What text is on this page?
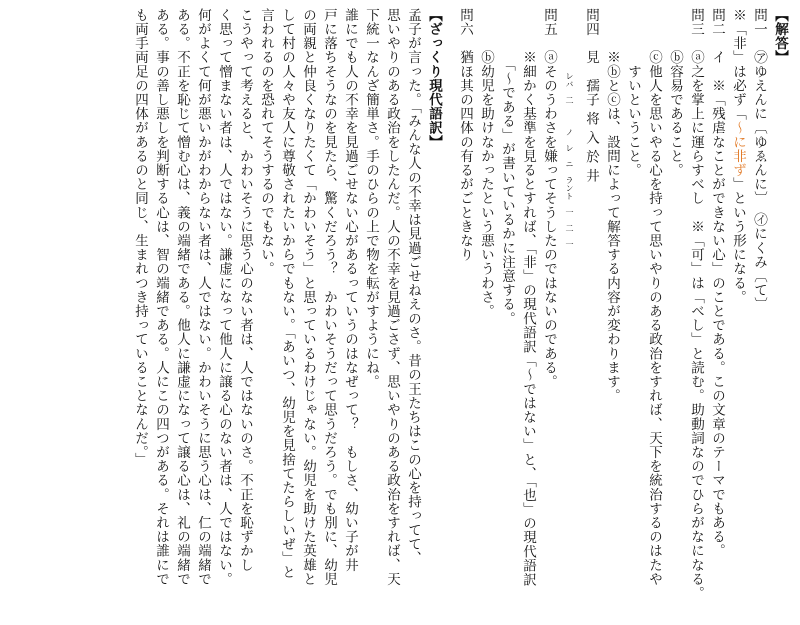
【解答】
問一　㋐ゆえんに〔ゆゑんに〕　㋑にくみ〔て〕
※「非」は必ず「〜に非ず」という形になる。
問二　イ　※「残虐なことができない心」のことである。この文章のテーマでもある。
問三　ⓐ之を掌上に運らすべし　※「可」は「べし」と読む。助動詞なのでひらがなになる。
　　　ⓑ容易であること。
　　　ⓒ他人を思いやる心を持って思いやりのある政治をすれば、天下を統治するのはたや
　　　　すいということ。
　　　※ⓑとⓒは、設問によって解答する内容が変わります。
問四　見　孺子 将 入 於 井
　　　　　　　　レバ　二　　　ノ　レ　ニ　ラント　一　二　一
問五　ⓐそのうわさを嫌ってそうしたのではないのである。
　　　※細かく基準を見るとすれば、「非」の現代語訳「〜ではない」と、「也」の現代語訳
　　　　「〜である」が書いているかに注意する。
　　　ⓑ幼児を助けなかったという悪いうわさ。
問六　猶ほ其の四体の有るがごときなり
【ざっくり現代語訳】
孟子が言った。「みんな人の不幸は見過ごせねえのさ。昔の王たちはこの心を持ってて、
思いやりのある政治をしたんだ。人の不幸を見過ごさず、思いやりのある政治をすれば、天
下統一なんざ簡単さ。手のひらの上で物を転がすようにね。
誰にでも人の不幸を見過ごせない心があるっていうのはなぜって？　もしさ、幼い子が井
戸に落ちそうなのを見たら、驚くだろう？　かわいそうだって思うだろう。でも別に、幼児
の両親と仲良くなりたくて「かわいそう」と思っているわけじゃない。幼児を助けた英雄と
して村の人々や友人に尊敬されたいからでもない。「あいつ、幼児を見捨てたらしいぜ」と
言われるのを恐れてそうするのでもない。
こうやって考えると、かわいそうに思う心のない者は、人ではないのさ。不正を恥ずかし
く思って憎まない者は、人ではない。謙虚になって他人に譲る心のない者は、人ではない。
何がよくて何が悪いかがわからない者は、人ではない。かわいそうに思う心は、仁の端緒で
ある。不正を恥じて憎む心は、義の端緒である。他人に謙虚になって譲る心は、礼の端緒で
ある。事の善し悪しを判断する心は、智の端緒である。人にこの四つがある。それは誰にで
も両手両足の四体があるのと同じ、生まれつき持っていることなんだ。」
